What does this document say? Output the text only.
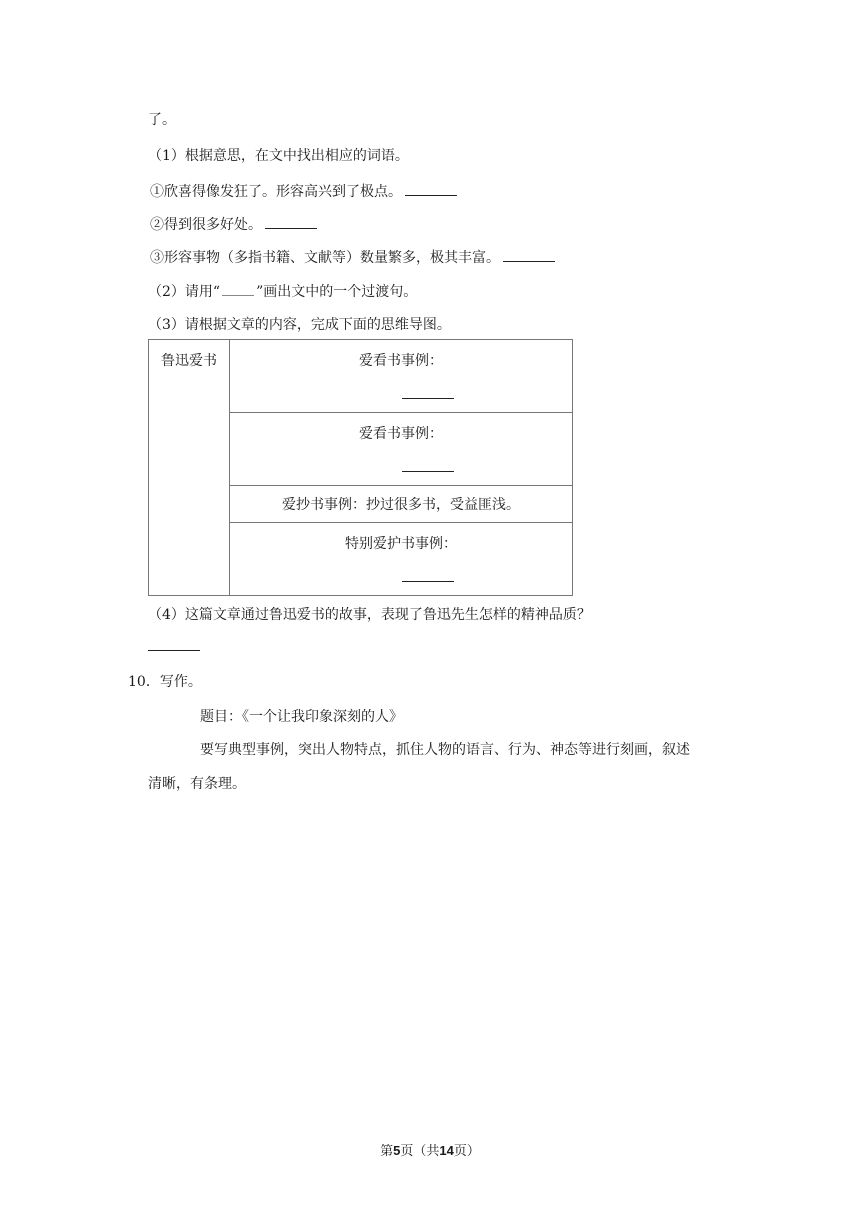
了。
（1）根据意思，在文中找出相应的词语。
①欣喜得像发狂了。形容高兴到了极点。
②得到很多好处。
③形容事物（多指书籍、文献等）数量繁多，极其丰富。
（2）请用“	”画出文中的一个过渡句。
（3）请根据文章的内容，完成下面的思维导图。
鲁迅爱书	爱看书事例：

爱看书事例：

爱抄书事例：抄过很多书，受益匪浅。

特别爱护书事例：
（4）这篇文章通过鲁迅爱书的故事，表现了鲁迅先生怎样的精神品质？
10．写作。
题目：《一个让我印象深刻的人》
要写典型事例，突出人物特点，抓住人物的语言、行为、神态等进行刻画，叙述
清晰，有条理。
第5页（共14页）
